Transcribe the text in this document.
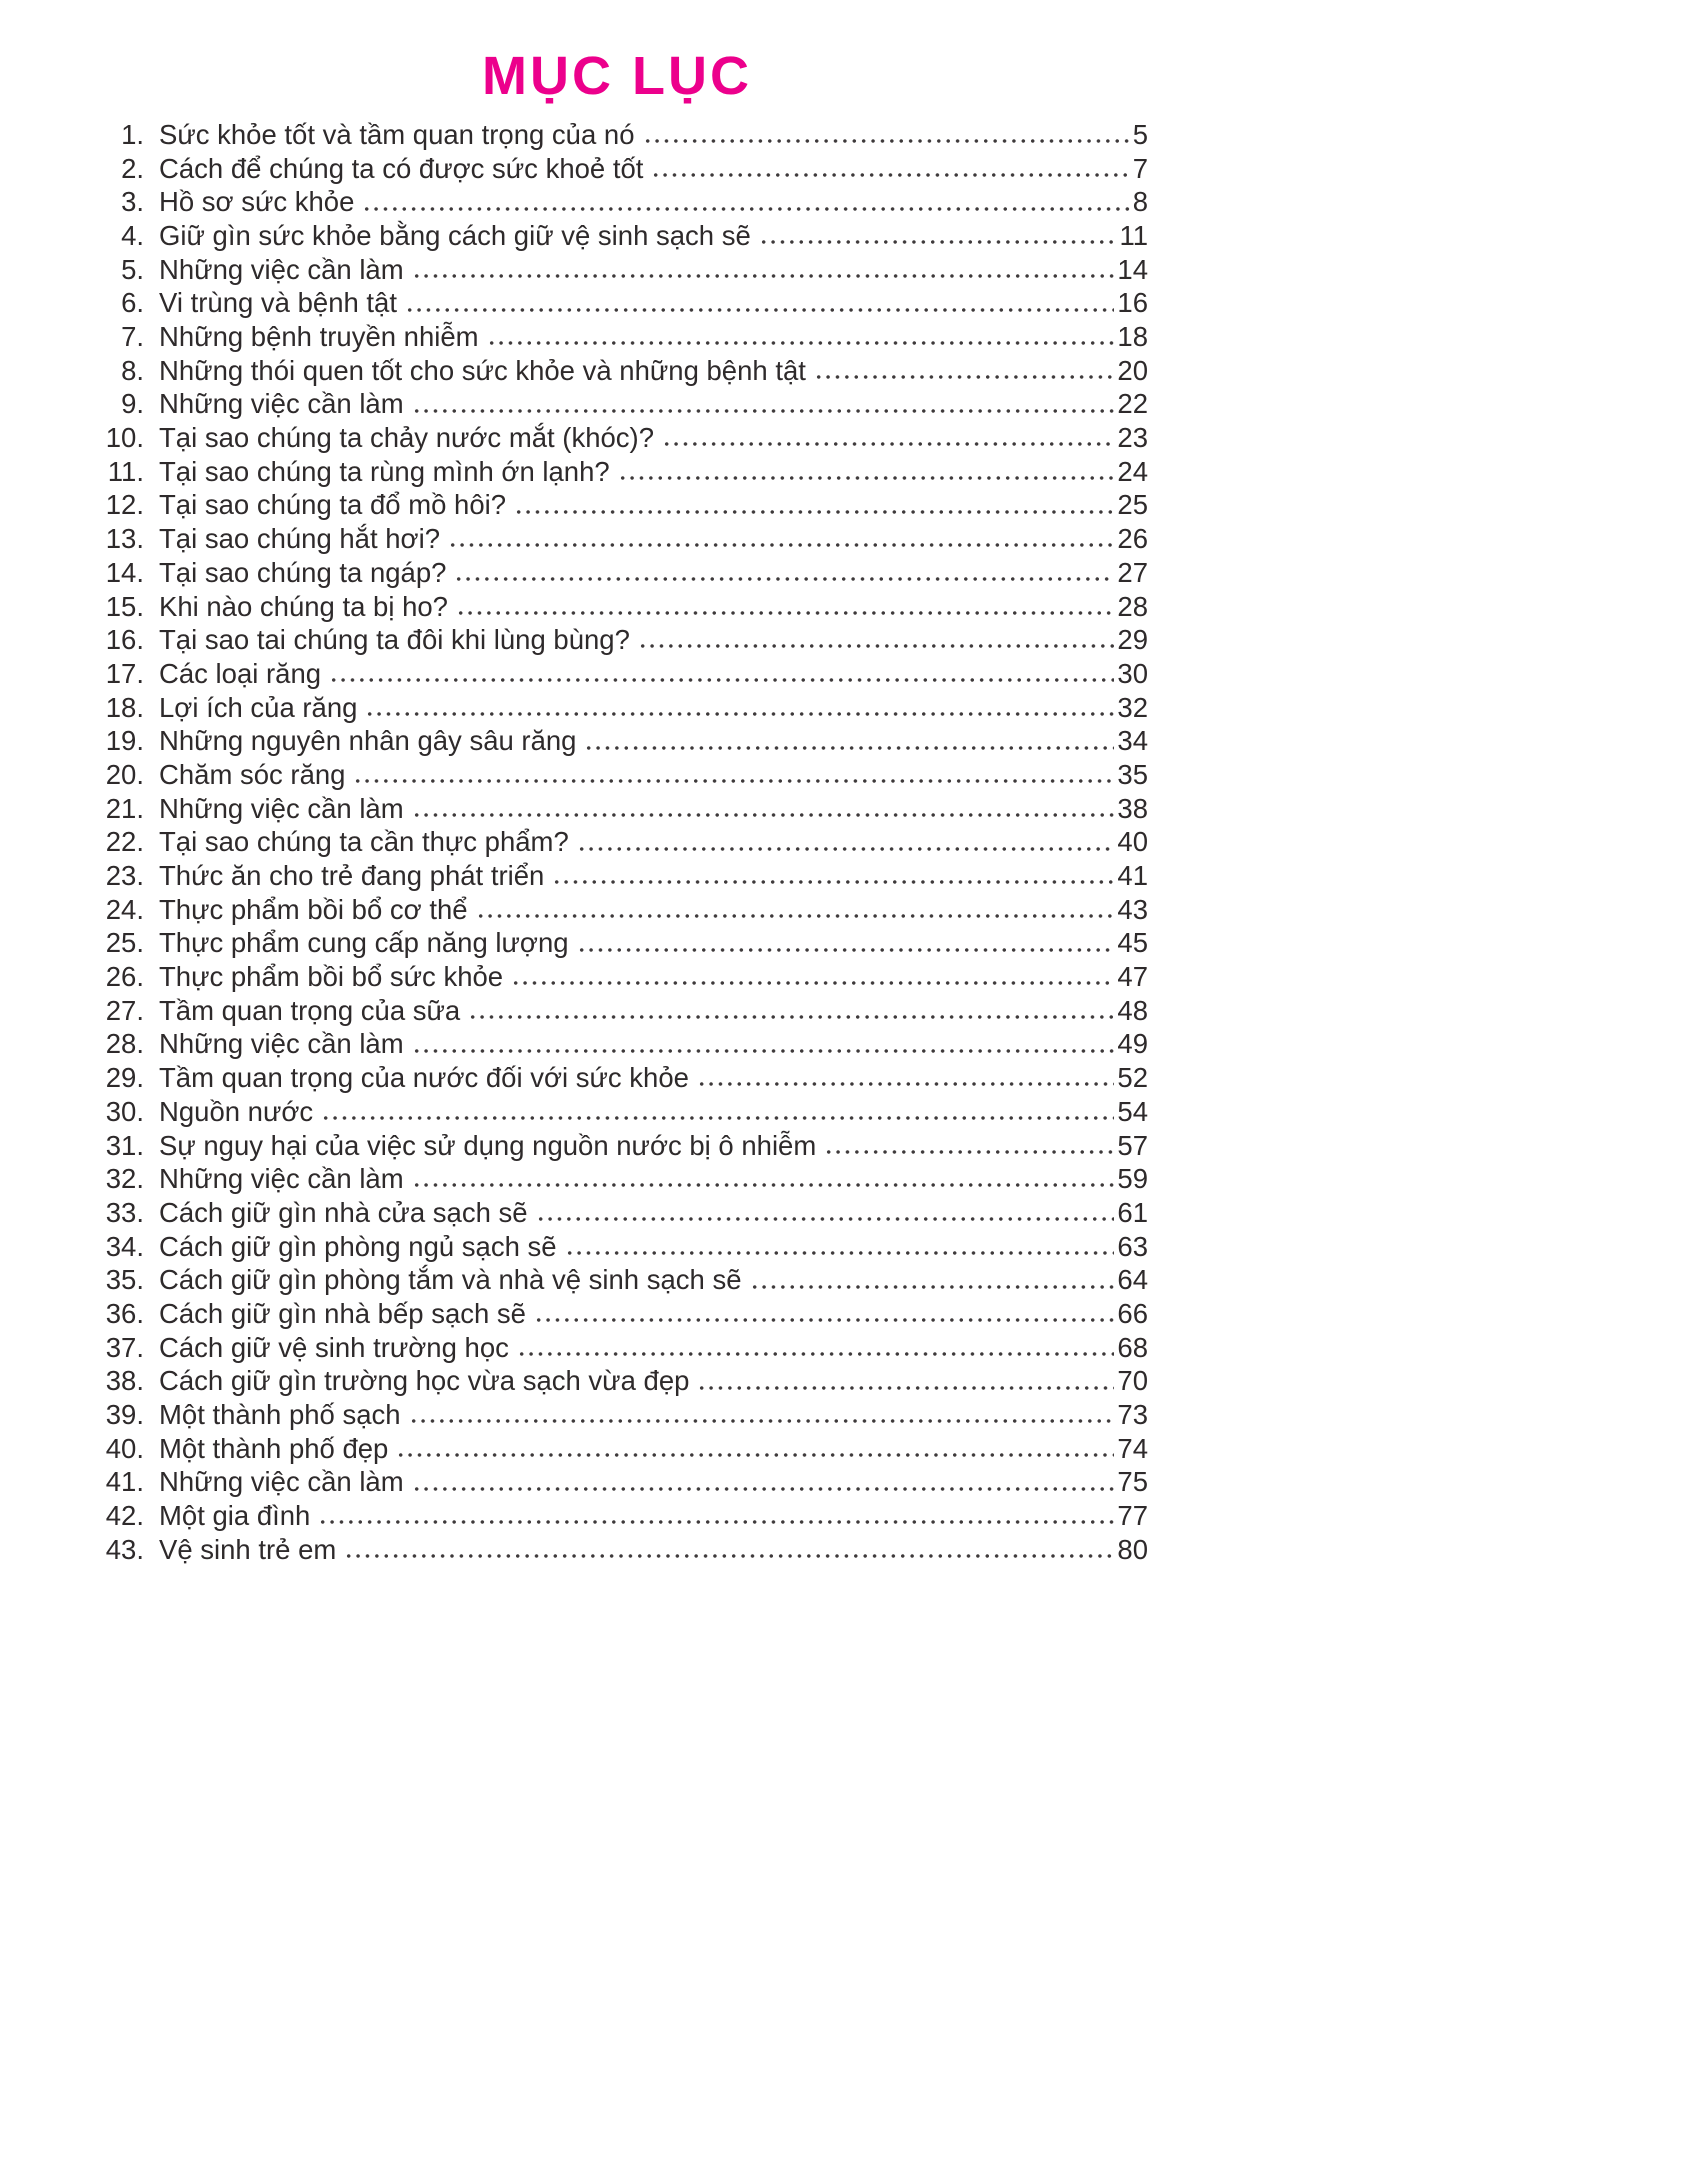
MỤC LỤC
1. Sức khỏe tốt và tầm quan trọng của nó	5
2. Cách để chúng ta có được sức khoẻ tốt	7
3. Hồ sơ sức khỏe	8
4. Giữ gìn sức khỏe bằng cách giữ vệ sinh sạch sẽ	11
5. Những việc cần làm	14
6. Vi trùng và bệnh tật	16
7. Những bệnh truyền nhiễm	18
8. Những thói quen tốt cho sức khỏe và những bệnh tật	20
9. Những việc cần làm	22
10. Tại sao chúng ta chảy nước mắt (khóc)?	23
11. Tại sao chúng ta rùng mình ớn lạnh?	24
12. Tại sao chúng ta đổ mồ hôi?	25
13. Tại sao chúng hắt hơi?	26
14. Tại sao chúng ta ngáp?	27
15. Khi nào chúng ta bị ho?	28
16. Tại sao tai chúng ta đôi khi lùng bùng?	29
17. Các loại răng	30
18. Lợi ích của răng	32
19. Những nguyên nhân gây sâu răng	34
20. Chăm sóc răng	35
21. Những việc cần làm	38
22. Tại sao chúng ta cần thực phẩm?	40
23. Thức ăn cho trẻ đang phát triển	41
24. Thực phẩm bồi bổ cơ thể	43
25. Thực phẩm cung cấp năng lượng	45
26. Thực phẩm bồi bổ sức khỏe	47
27. Tầm quan trọng của sữa	48
28. Những việc cần làm	49
29. Tầm quan trọng của nước đối với sức khỏe	52
30. Nguồn nước	54
31. Sự nguy hại của việc sử dụng nguồn nước bị ô nhiễm	57
32. Những việc cần làm	59
33. Cách giữ gìn nhà cửa sạch sẽ	61
34. Cách giữ gìn phòng ngủ sạch sẽ	63
35. Cách giữ gìn phòng tắm và nhà vệ sinh sạch sẽ	64
36. Cách giữ gìn nhà bếp sạch sẽ	66
37. Cách giữ vệ sinh trường học	68
38. Cách giữ gìn trường học vừa sạch vừa đẹp	70
39. Một thành phố sạch	73
40. Một thành phố đẹp	74
41. Những việc cần làm	75
42. Một gia đình	77
43. Vệ sinh trẻ em	80
